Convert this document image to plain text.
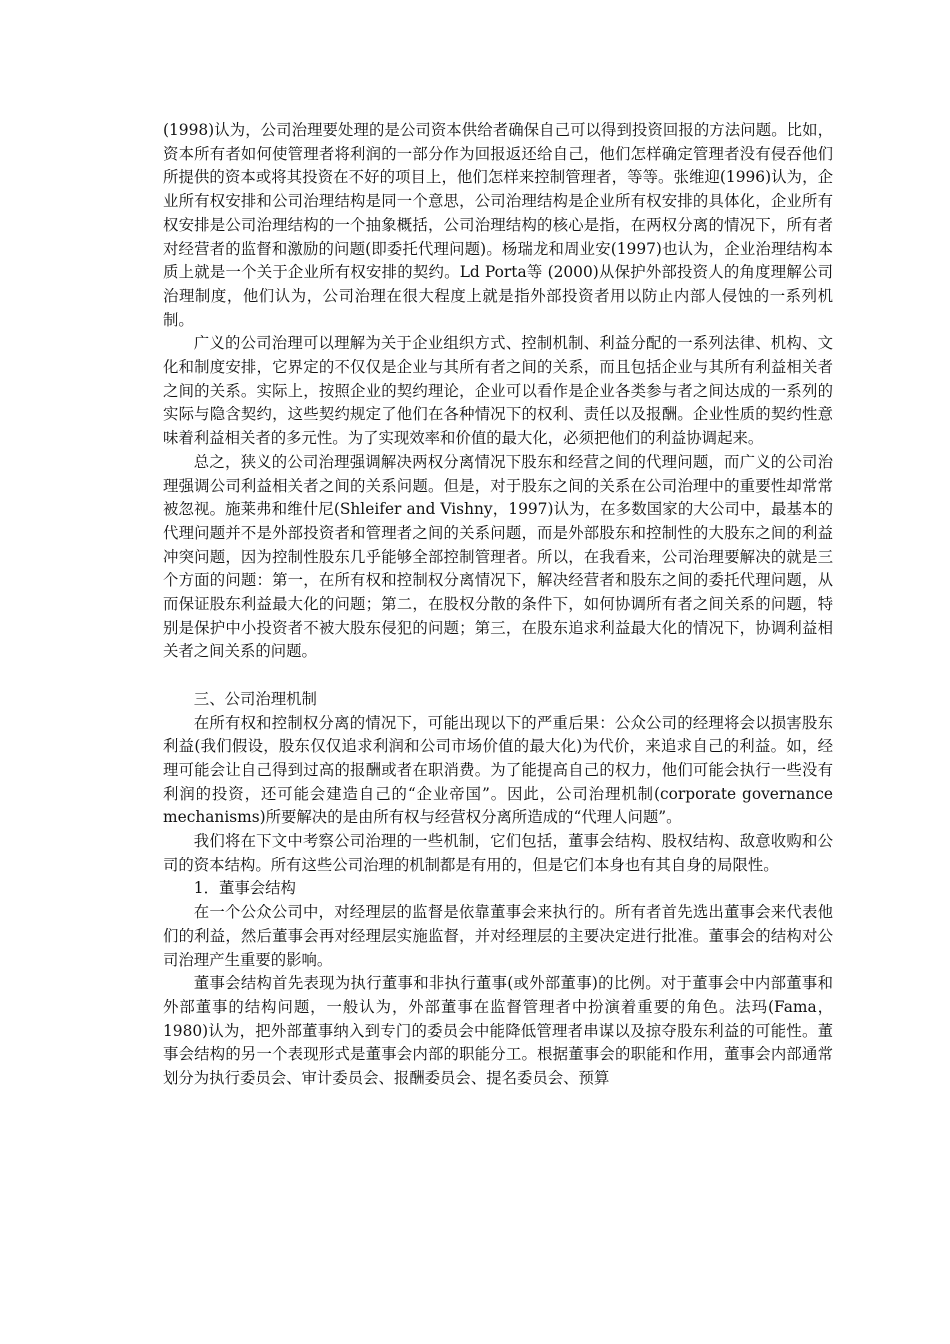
(1998)认为，公司治理要处理的是公司资本供给者确保自己可以得到投资回报的方法问题。比如，资本所有者如何使管理者将利润的一部分作为回报返还给自己，他们怎样确定管理者没有侵吞他们所提供的资本或将其投资在不好的项目上，他们怎样来控制管理者，等等。张维迎(1996)认为，企业所有权安排和公司治理结构是同一个意思，公司治理结构是企业所有权安排的具体化，企业所有权安排是公司治理结构的一个抽象概括，公司治理结构的核心是指，在两权分离的情况下，所有者对经营者的监督和激励的问题(即委托代理问题)。杨瑞龙和周业安(1997)也认为，企业治理结构本质上就是一个关于企业所有权安排的契约。Ld Porta等 (2000)从保护外部投资人的角度理解公司治理制度，他们认为，公司治理在很大程度上就是指外部投资者用以防止内部人侵蚀的一系列机制。

广义的公司治理可以理解为关于企业组织方式、控制机制、利益分配的一系列法律、机构、文化和制度安排，它界定的不仅仅是企业与其所有者之间的关系，而且包括企业与其所有利益相关者之间的关系。实际上，按照企业的契约理论，企业可以看作是企业各类参与者之间达成的一系列的实际与隐含契约，这些契约规定了他们在各种情况下的权利、责任以及报酬。企业性质的契约性意味着利益相关者的多元性。为了实现效率和价值的最大化，必须把他们的利益协调起来。

总之，狭义的公司治理强调解决两权分离情况下股东和经营之间的代理问题，而广义的公司治理强调公司利益相关者之间的关系问题。但是，对于股东之间的关系在公司治理中的重要性却常常被忽视。施莱弗和维什尼(Shleifer and Vishny，1997)认为，在多数国家的大公司中，最基本的代理问题并不是外部投资者和管理者之间的关系问题，而是外部股东和控制性的大股东之间的利益冲突问题，因为控制性股东几乎能够全部控制管理者。所以，在我看来，公司治理要解决的就是三个方面的问题：第一，在所有权和控制权分离情况下，解决经营者和股东之间的委托代理问题，从而保证股东利益最大化的问题；第二，在股权分散的条件下，如何协调所有者之间关系的问题，特别是保护中小投资者不被大股东侵犯的问题；第三，在股东追求利益最大化的情况下，协调利益相关者之间关系的问题。

三、公司治理机制

在所有权和控制权分离的情况下，可能出现以下的严重后果：公众公司的经理将会以损害股东利益(我们假设，股东仅仅追求利润和公司市场价值的最大化)为代价，来追求自己的利益。如，经理可能会让自己得到过高的报酬或者在职消费。为了能提高自己的权力，他们可能会执行一些没有利润的投资，还可能会建造自己的“企业帝国”。因此，公司治理机制(corporate governance mechanisms)所要解决的是由所有权与经营权分离所造成的“代理人问题”。

我们将在下文中考察公司治理的一些机制，它们包括，董事会结构、股权结构、敌意收购和公司的资本结构。所有这些公司治理的机制都是有用的，但是它们本身也有其自身的局限性。

1．董事会结构

在一个公众公司中，对经理层的监督是依靠董事会来执行的。所有者首先选出董事会来代表他们的利益，然后董事会再对经理层实施监督，并对经理层的主要决定进行批准。董事会的结构对公司治理产生重要的影响。

董事会结构首先表现为执行董事和非执行董事(或外部董事)的比例。对于董事会中内部董事和外部董事的结构问题，一般认为，外部董事在监督管理者中扮演着重要的角色。法玛(Fama，1980)认为，把外部董事纳入到专门的委员会中能降低管理者串谋以及掠夺股东利益的可能性。董事会结构的另一个表现形式是董事会内部的职能分工。根据董事会的职能和作用，董事会内部通常划分为执行委员会、审计委员会、报酬委员会、提名委员会、预算
